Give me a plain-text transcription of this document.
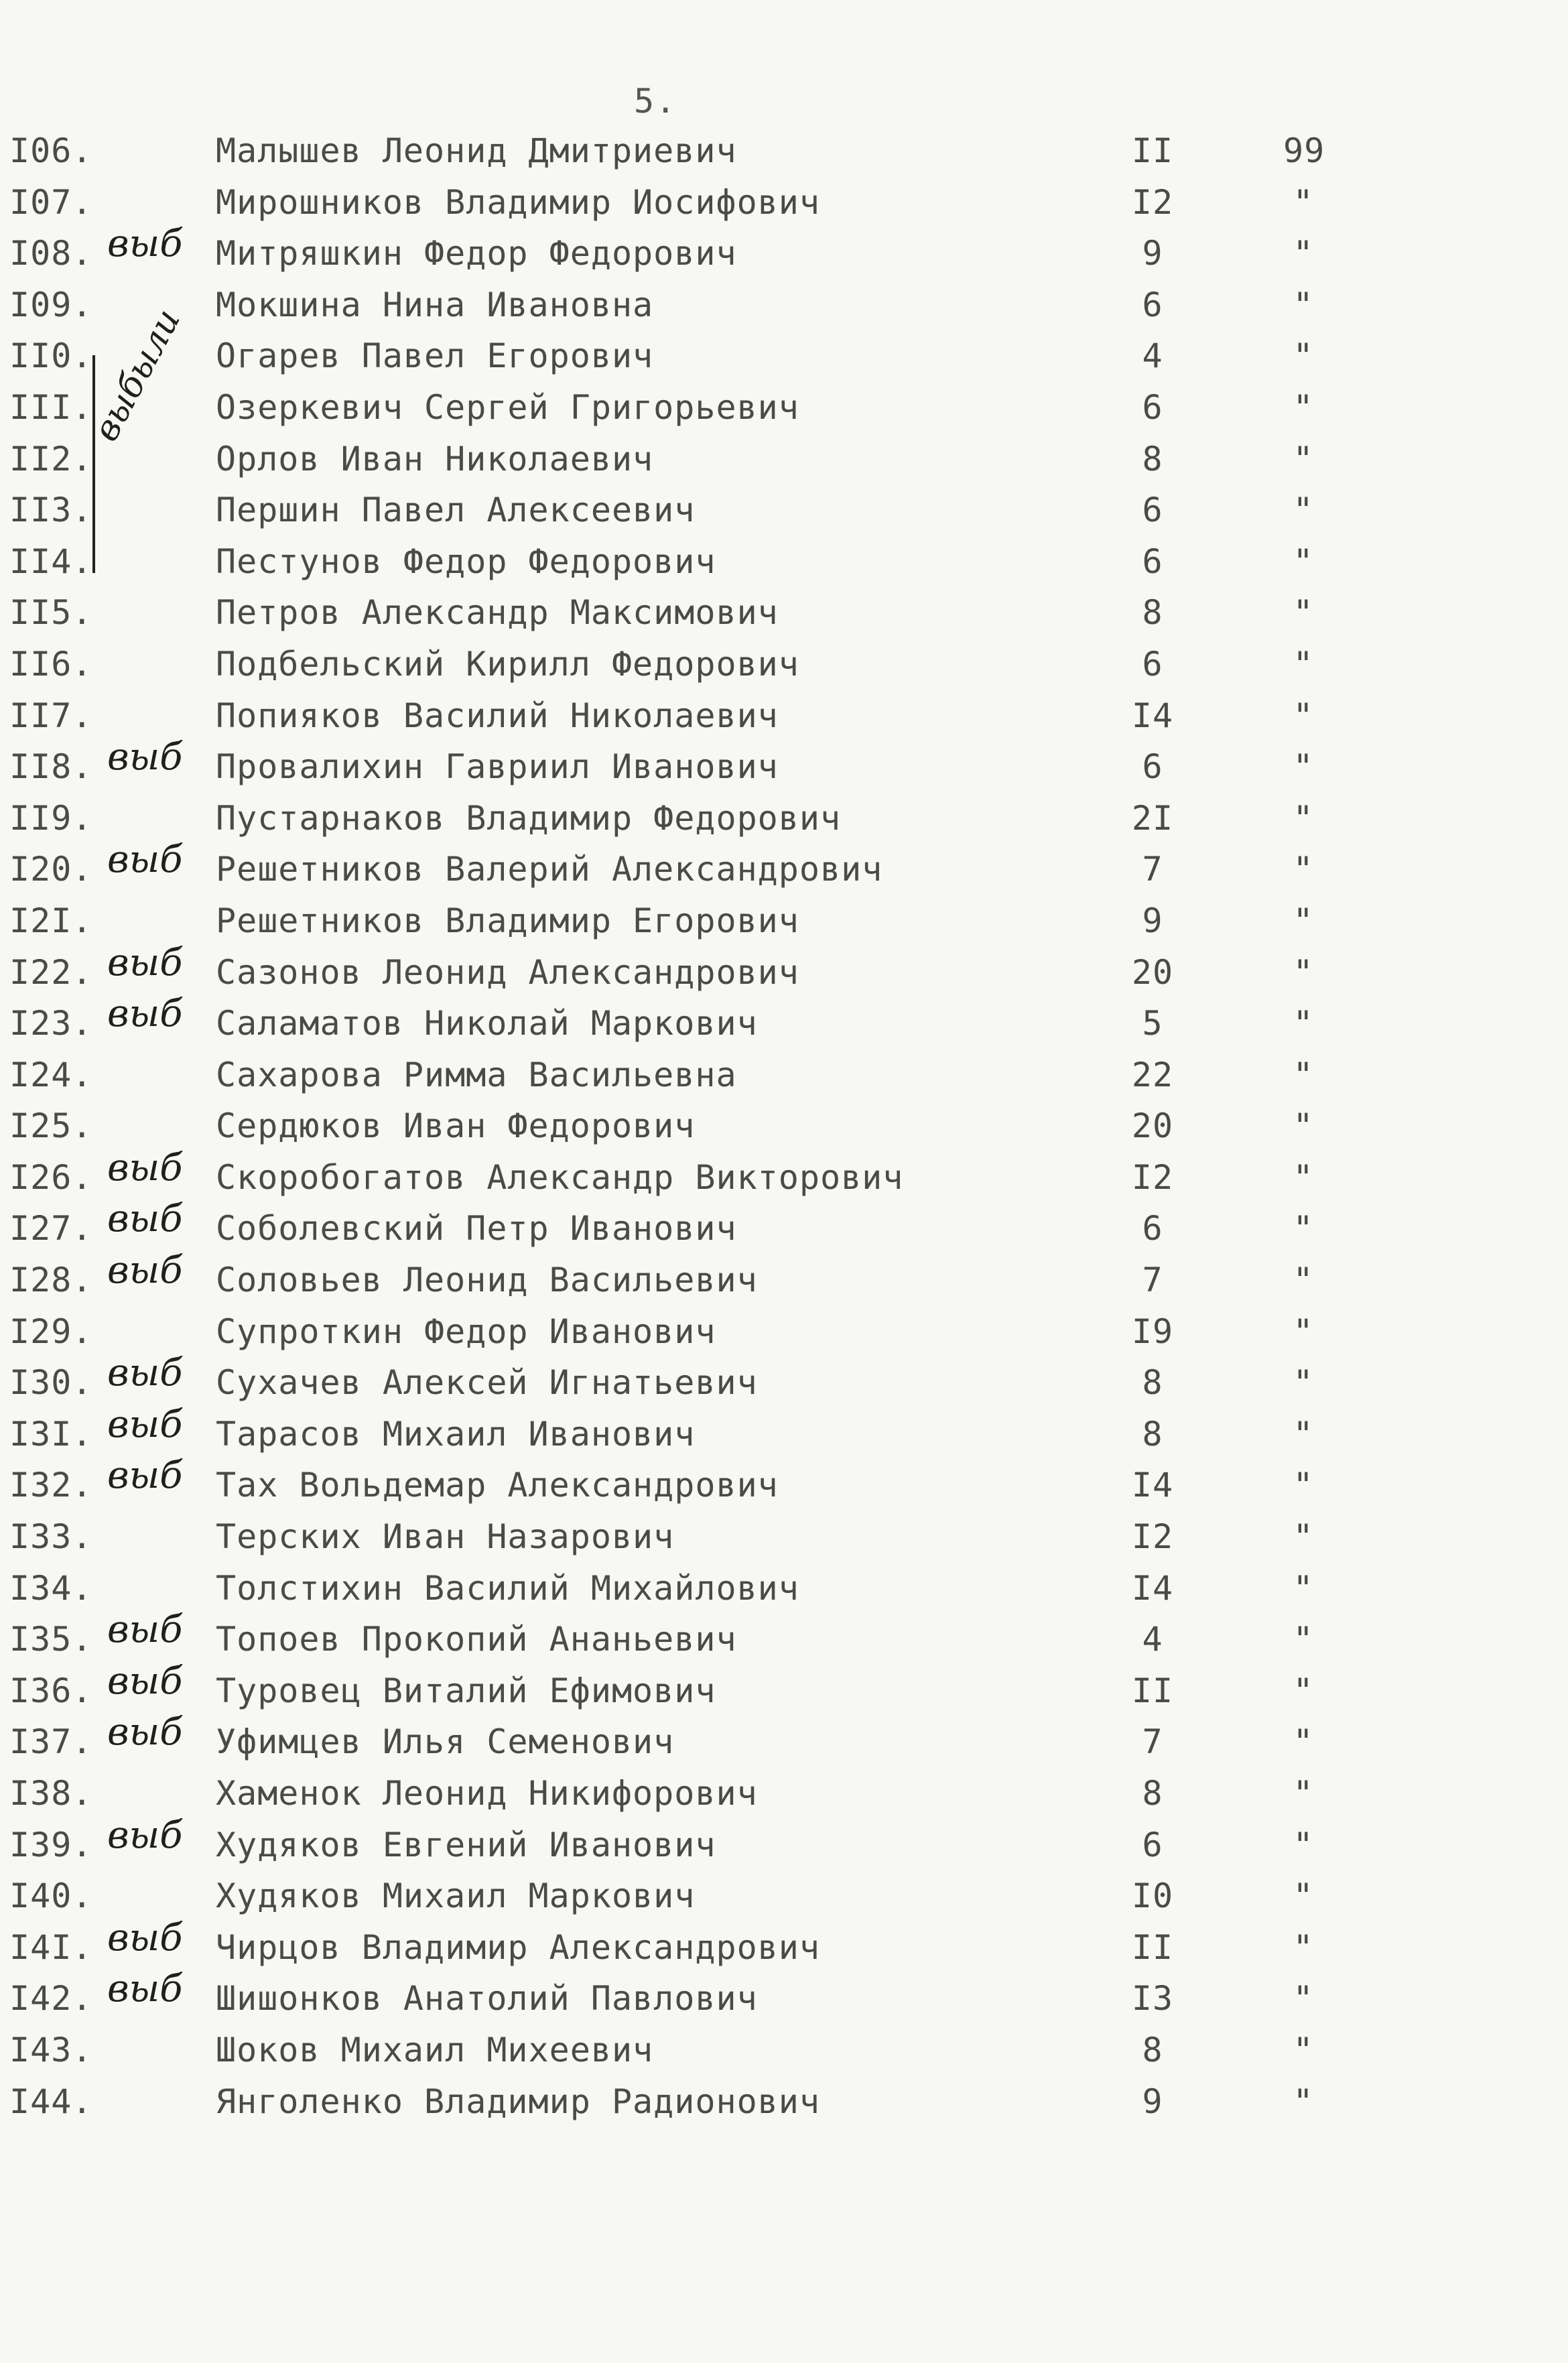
5.
выбыли
I06.	Малышев Леонид Дмитриевич	II	99
I07.	Мирошников Владимир Иосифович	I2	"
I08. выб Митряшкин Федор Федорович	9	"
I09.	Мокшина Нина Ивановна	6	"
II0.	Огарев Павел Егорович	4	"
III.	Озеркевич Сергей Григорьевич	6	"
II2.	Орлов Иван Николаевич	8	"
II3.	Першин Павел Алексеевич	6	"
II4.	Пестунов Федор Федорович	6	"
II5.	Петров Александр Максимович	8	"
II6.	Подбельский Кирилл Федорович	6	"
II7.	Попияков Василий Николаевич	I4	"
II8. выб Провалихин Гавриил Иванович	6	"
II9.	Пустарнаков Владимир Федорович	2I	"
I20. выб Решетников Валерий Александрович	7	"
I2I.	Решетников Владимир Егорович	9	"
I22. выб Сазонов Леонид Александрович	20	"
I23. выб Саламатов Николай Маркович	5	"
I24.	Сахарова Римма Васильевна	22	"
I25.	Сердюков Иван Федорович	20	"
I26. выб Скоробогатов Александр Викторович	I2	"
I27. выб Соболевский Петр Иванович	6	"
I28. выб Соловьев Леонид Васильевич	7	"
I29.	Супроткин Федор Иванович	I9	"
I30. выб Сухачев Алексей Игнатьевич	8	"
I3I. выб Тарасов Михаил Иванович	8	"
I32. выб Тах Вольдемар Александрович	I4	"
I33.	Терских Иван Назарович	I2	"
I34.	Толстихин Василий Михайлович	I4	"
I35. выб Топоев Прокопий Ананьевич	4	"
I36. выб Туровец Виталий Ефимович	II	"
I37. выб Уфимцев Илья Семенович	7	"
I38.	Хаменок Леонид Никифорович	8	"
I39. выб Худяков Евгений Иванович	6	"
I40.	Худяков Михаил Маркович	I0	"
I4I. выб Чирцов Владимир Александрович	II	"
I42. выб Шишонков Анатолий Павлович	I3	"
I43.	Шоков Михаил Михеевич	8	"
I44.	Янголенко Владимир Радионович	9	"
